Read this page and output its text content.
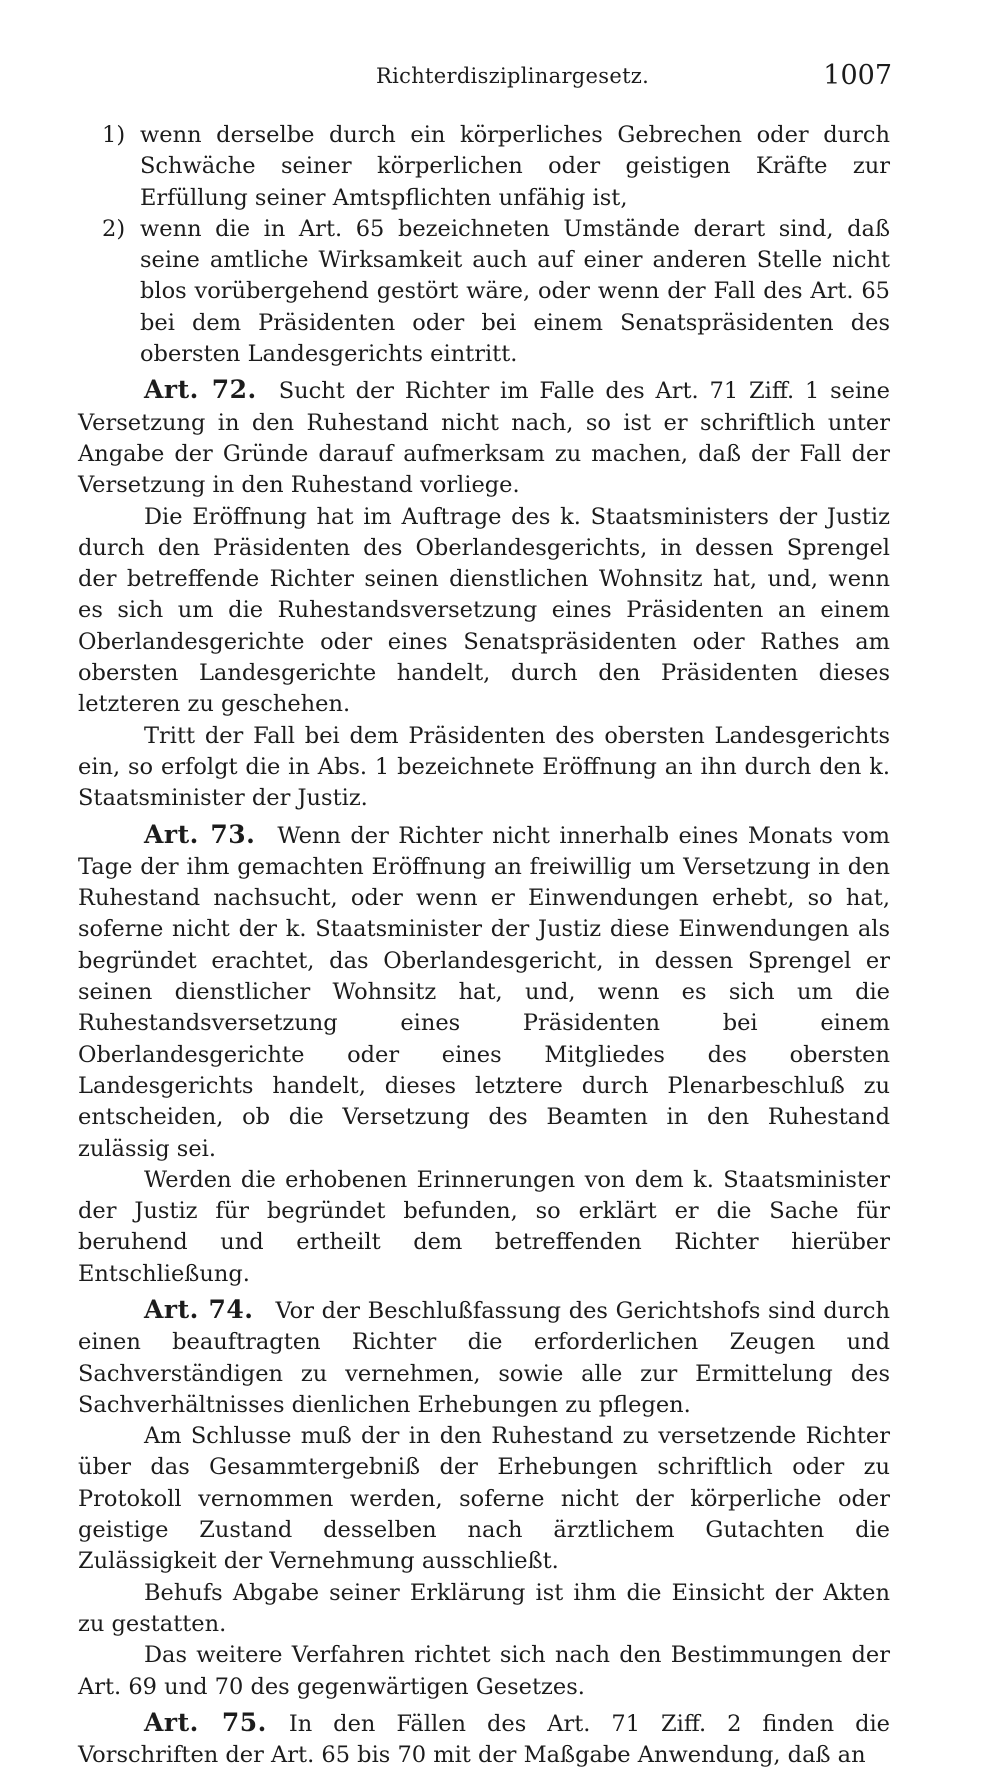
Richterdisziplinargesetz.	1007

1) wenn derselbe durch ein körperliches Gebrechen oder durch Schwäche seiner körperlichen oder geistigen Kräfte zur Erfüllung seiner Amtspflichten unfähig ist,

2) wenn die in Art. 65 bezeichneten Umstände derart sind, daß seine amtliche Wirksamkeit auch auf einer anderen Stelle nicht blos vorübergehend gestört wäre, oder wenn der Fall des Art. 65 bei dem Präsidenten oder bei einem Senatspräsidenten des obersten Landesgerichts eintritt.

Art. 72. Sucht der Richter im Falle des Art. 71 Ziff. 1 seine Versetzung in den Ruhestand nicht nach, so ist er schriftlich unter Angabe der Gründe darauf aufmerksam zu machen, daß der Fall der Versetzung in den Ruhestand vorliege.

Die Eröffnung hat im Auftrage des k. Staatsministers der Justiz durch den Präsidenten des Oberlandesgerichts, in dessen Sprengel der betreffende Richter seinen dienstlichen Wohnsitz hat, und, wenn es sich um die Ruhestandsversetzung eines Präsidenten an einem Oberlandesgerichte oder eines Senatspräsidenten oder Rathes am obersten Landesgerichte handelt, durch den Präsidenten dieses letzteren zu geschehen.

Tritt der Fall bei dem Präsidenten des obersten Landesgerichts ein, so erfolgt die in Abs. 1 bezeichnete Eröffnung an ihn durch den k. Staatsminister der Justiz.

Art. 73. Wenn der Richter nicht innerhalb eines Monats vom Tage der ihm gemachten Eröffnung an freiwillig um Versetzung in den Ruhestand nachsucht, oder wenn er Einwendungen erhebt, so hat, soferne nicht der k. Staatsminister der Justiz diese Einwendungen als begründet erachtet, das Oberlandesgericht, in dessen Sprengel er seinen dienstlicher Wohnsitz hat, und, wenn es sich um die Ruhestandsversetzung eines Präsidenten bei einem Oberlandesgerichte oder eines Mitgliedes des obersten Landesgerichts handelt, dieses letztere durch Plenarbeschluß zu entscheiden, ob die Versetzung des Beamten in den Ruhestand zulässig sei.

Werden die erhobenen Erinnerungen von dem k. Staatsminister der Justiz für begründet befunden, so erklärt er die Sache für beruhend und ertheilt dem betreffenden Richter hierüber Entschließung.

Art. 74. Vor der Beschlußfassung des Gerichtshofs sind durch einen beauftragten Richter die erforderlichen Zeugen und Sachverständigen zu vernehmen, sowie alle zur Ermittelung des Sachverhältnisses dienlichen Erhebungen zu pflegen.

Am Schlusse muß der in den Ruhestand zu versetzende Richter über das Gesammtergebniß der Erhebungen schriftlich oder zu Protokoll vernommen werden, soferne nicht der körperliche oder geistige Zustand desselben nach ärztlichem Gutachten die Zulässigkeit der Vernehmung ausschließt.

Behufs Abgabe seiner Erklärung ist ihm die Einsicht der Akten zu gestatten.

Das weitere Verfahren richtet sich nach den Bestimmungen der Art. 69 und 70 des gegenwärtigen Gesetzes.

Art. 75. In den Fällen des Art. 71 Ziff. 2 finden die Vorschriften der Art. 65 bis 70 mit der Maßgabe Anwendung, daß an
